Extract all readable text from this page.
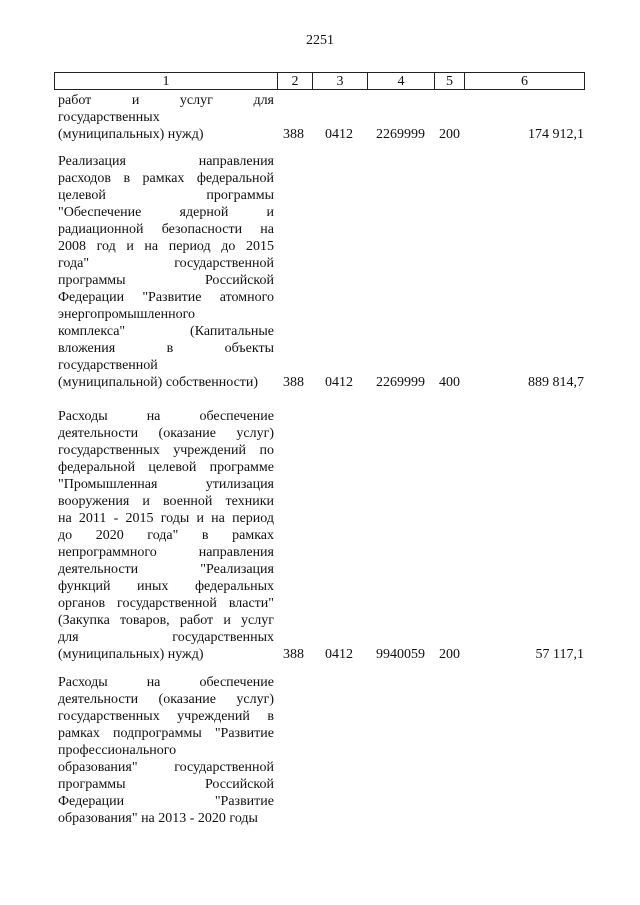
2251
1	2	3	4	5	6
работ и услуг для
государственных
(муниципальных) нужд)	388 0412 2269999 200	174 912,1
Реализация направления
расходов в рамках федеральной
целевой программы
"Обеспечение ядерной и
радиационной безопасности на
2008 год и на период до 2015
года" государственной
программы Российской
Федерации "Развитие атомного
энергопромышленного
комплекса" (Капитальные
вложения в объекты
государственной
(муниципальной) собственности)	388 0412 2269999 400	889 814,7
Расходы на обеспечение
деятельности (оказание услуг)
государственных учреждений по
федеральной целевой программе
"Промышленная утилизация
вооружения и военной техники
на 2011 - 2015 годы и на период
до 2020 года" в рамках
непрограммного направления
деятельности "Реализация
функций иных федеральных
органов государственной власти"
(Закупка товаров, работ и услуг
для государственных
(муниципальных) нужд)	388 0412 9940059 200	57 117,1
Расходы на обеспечение
деятельности (оказание услуг)
государственных учреждений в
рамках подпрограммы "Развитие
профессионального
образования" государственной
программы Российской
Федерации "Развитие
образования" на 2013 - 2020 годы
